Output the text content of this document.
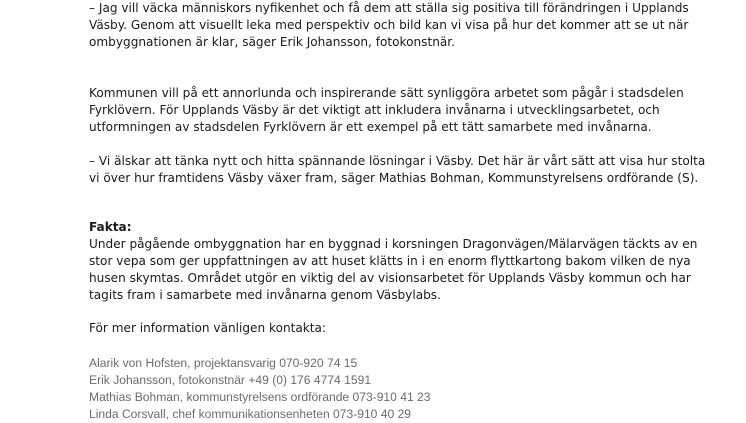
– Jag vill väcka människors nyfikenhet och få dem att ställa sig positiva till förändringen i Upplands
Väsby. Genom att visuellt leka med perspektiv och bild kan vi visa på hur det kommer att se ut när
ombyggnationen är klar, säger Erik Johansson, fotokonstnär.

Kommunen vill på ett annorlunda och inspirerande sätt synliggöra arbetet som pågår i stadsdelen
Fyrklövern. För Upplands Väsby är det viktigt att inkludera invånarna i utvecklingsarbetet, och
utformningen av stadsdelen Fyrklövern är ett exempel på ett tätt samarbete med invånarna.

– Vi älskar att tänka nytt och hitta spännande lösningar i Väsby. Det här är vårt sätt att visa hur stolta
vi över hur framtidens Väsby växer fram, säger Mathias Bohman, Kommunstyrelsens ordförande (S).

Fakta:
Under pågående ombyggnation har en byggnad i korsningen Dragonvägen/Mälarvägen täckts av en
stor vepa som ger uppfattningen av att huset klätts in i en enorm flyttkartong bakom vilken de nya
husen skymtas. Området utgör en viktig del av visionsarbetet för Upplands Väsby kommun och har
tagits fram i samarbete med invånarna genom Väsbylabs.

För mer information vänligen kontakta:

Alarik von Hofsten, projektansvarig 070-920 74 15
Erik Johansson, fotokonstnär +49 (0) 176 4774 1591
Mathias Bohman, kommunstyrelsens ordförande 073-910 41 23
Linda Corsvall, chef kommunikationsenheten 073-910 40 29
